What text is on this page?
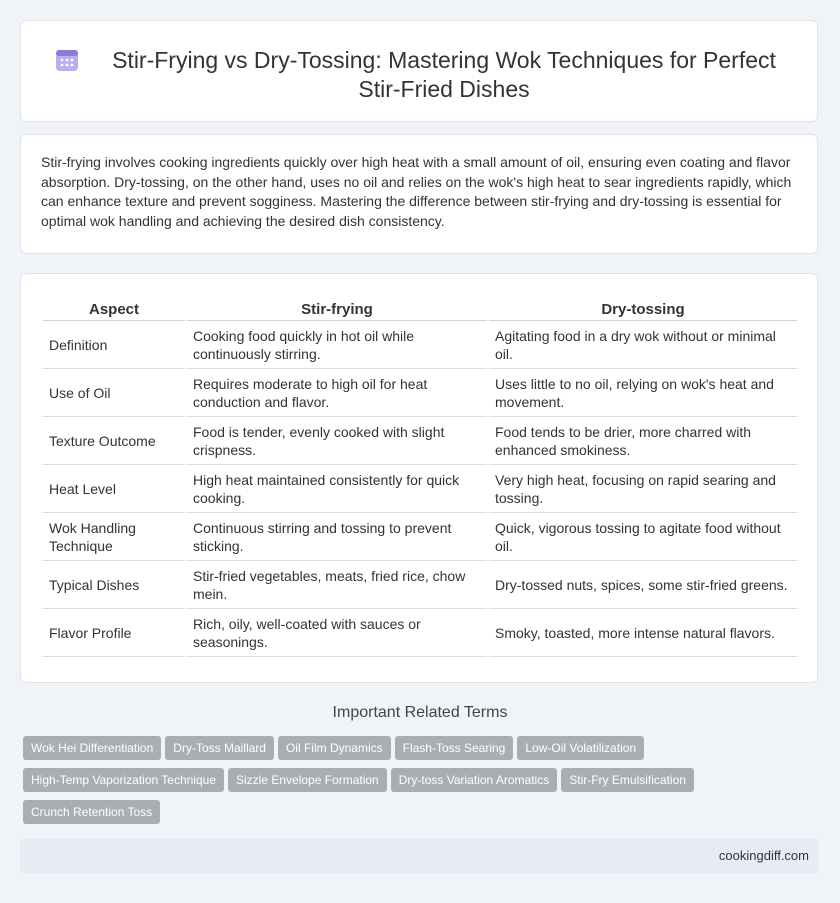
Stir-Frying vs Dry-Tossing: Mastering Wok Techniques for Perfect Stir-Fried Dishes

Stir-frying involves cooking ingredients quickly over high heat with a small amount of oil, ensuring even coating and flavor absorption. Dry-tossing, on the other hand, uses no oil and relies on the wok's high heat to sear ingredients rapidly, which can enhance texture and prevent sogginess. Mastering the difference between stir-frying and dry-tossing is essential for optimal wok handling and achieving the desired dish consistency.

Aspect	Stir-frying	Dry-tossing
Definition	Cooking food quickly in hot oil while continuously stirring.	Agitating food in a dry wok without or minimal oil.
Use of Oil	Requires moderate to high oil for heat conduction and flavor.	Uses little to no oil, relying on wok's heat and movement.
Texture Outcome	Food is tender, evenly cooked with slight crispness.	Food tends to be drier, more charred with enhanced smokiness.
Heat Level	High heat maintained consistently for quick cooking.	Very high heat, focusing on rapid searing and tossing.
Wok Handling Technique	Continuous stirring and tossing to prevent sticking.	Quick, vigorous tossing to agitate food without oil.
Typical Dishes	Stir-fried vegetables, meats, fried rice, chow mein.	Dry-tossed nuts, spices, some stir-fried greens.
Flavor Profile	Rich, oily, well-coated with sauces or seasonings.	Smoky, toasted, more intense natural flavors.
Important Related Terms
Wok Hei Differentiation Dry-Toss Maillard Oil Film Dynamics Flash-Toss Searing Low-Oil VolatilizationHigh-Temp Vaporization Technique Sizzle Envelope Formation Dry-toss Variation Aromatics Stir-Fry EmulsificationCrunch Retention Toss
cookingdiff.com
